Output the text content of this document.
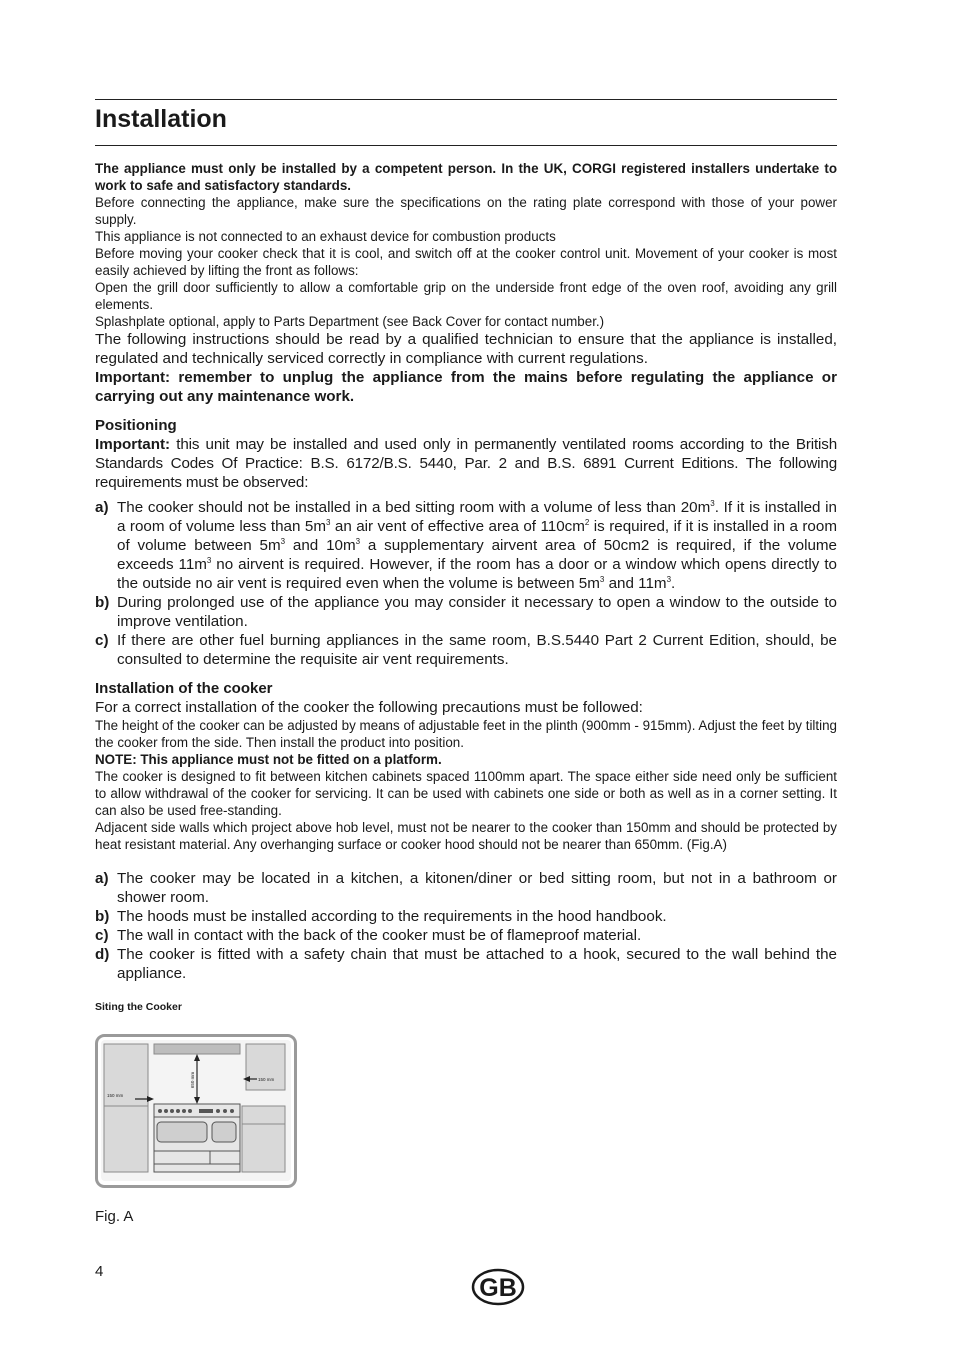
Installation

The appliance must only be installed by a competent person. In the UK, CORGI registered installers undertake to work to safe and satisfactory standards.

Before connecting the appliance, make sure the specifications on the rating plate correspond with those of your power supply.

This appliance is not connected to an exhaust device for combustion products

Before moving your cooker check that it is cool, and switch off at the cooker control unit. Movement of your cooker is most easily achieved by lifting the front as follows:

Open the grill door sufficiently to allow a comfortable grip on the underside front edge of the oven roof, avoiding any grill elements.

Splashplate optional, apply to Parts Department (see Back Cover for contact number.)

The following instructions should be read by a qualified technician to ensure that the appliance is installed, regulated and technically serviced correctly in compliance with current regulations.

Important: remember to unplug the appliance from the mains before regulating the appliance or carrying out any maintenance work.

Positioning

Important: this unit may be installed and used only in permanently ventilated rooms according to the British Standards Codes Of Practice: B.S. 6172/B.S. 5440, Par. 2 and B.S. 6891 Current Editions. The following requirements must be observed:

a) The cooker should not be installed in a bed sitting room with a volume of less than $20m^3$. If it is installed in a room of volume less than $5m^3$ an air vent of effective area of $110cm^2$ is required, if it is installed in a room of volume between $5m^3$ and $10m^3$ a supplementary airvent area of 50cm2 is required, if the volume exceeds $11m^3$ no airvent is required. However, if the room has a door or a window which opens directly to the outside no air vent is required even when the volume is between $5m^3$ and $11m^3$.
b) During prolonged use of the appliance you may consider it necessary to open a window to the outside to improve ventilation.
c) If there are other fuel burning appliances in the same room, B.S.5440 Part 2 Current Edition, should, be consulted to determine the requisite air vent requirements.

Installation of the cooker

For a correct installation of the cooker the following precautions must be followed:

The height of the cooker can be adjusted by means of adjustable feet in the plinth (900mm - 915mm). Adjust the feet by tilting the cooker from the side. Then install the product into position.

NOTE: This appliance must not be fitted on a platform.

The cooker is designed to fit between kitchen cabinets spaced 1100mm apart. The space either side need only be sufficient to allow withdrawal of the cooker for servicing. It can be used with cabinets one side or both as well as in a corner setting. It can also be used free-standing.

Adjacent side walls which project above hob level, must not be nearer to the cooker than 150mm and should be protected by heat resistant material. Any overhanging surface or cooker hood should not be nearer than 650mm. (Fig.A)

a) The cooker may be located in a kitchen, a kitonen/diner or bed sitting room, but not in a bathroom or shower room.
b) The hoods must be installed according to the requirements in the hood handbook.
c) The wall in contact with the back of the cooker must be of flameproof material.
d) The cooker is fitted with a safety chain that must be attached to a hook, secured to the wall behind the appliance.
Siting the Cooker
650 mm
150 mm
150 mm
Fig. A
4
GB
